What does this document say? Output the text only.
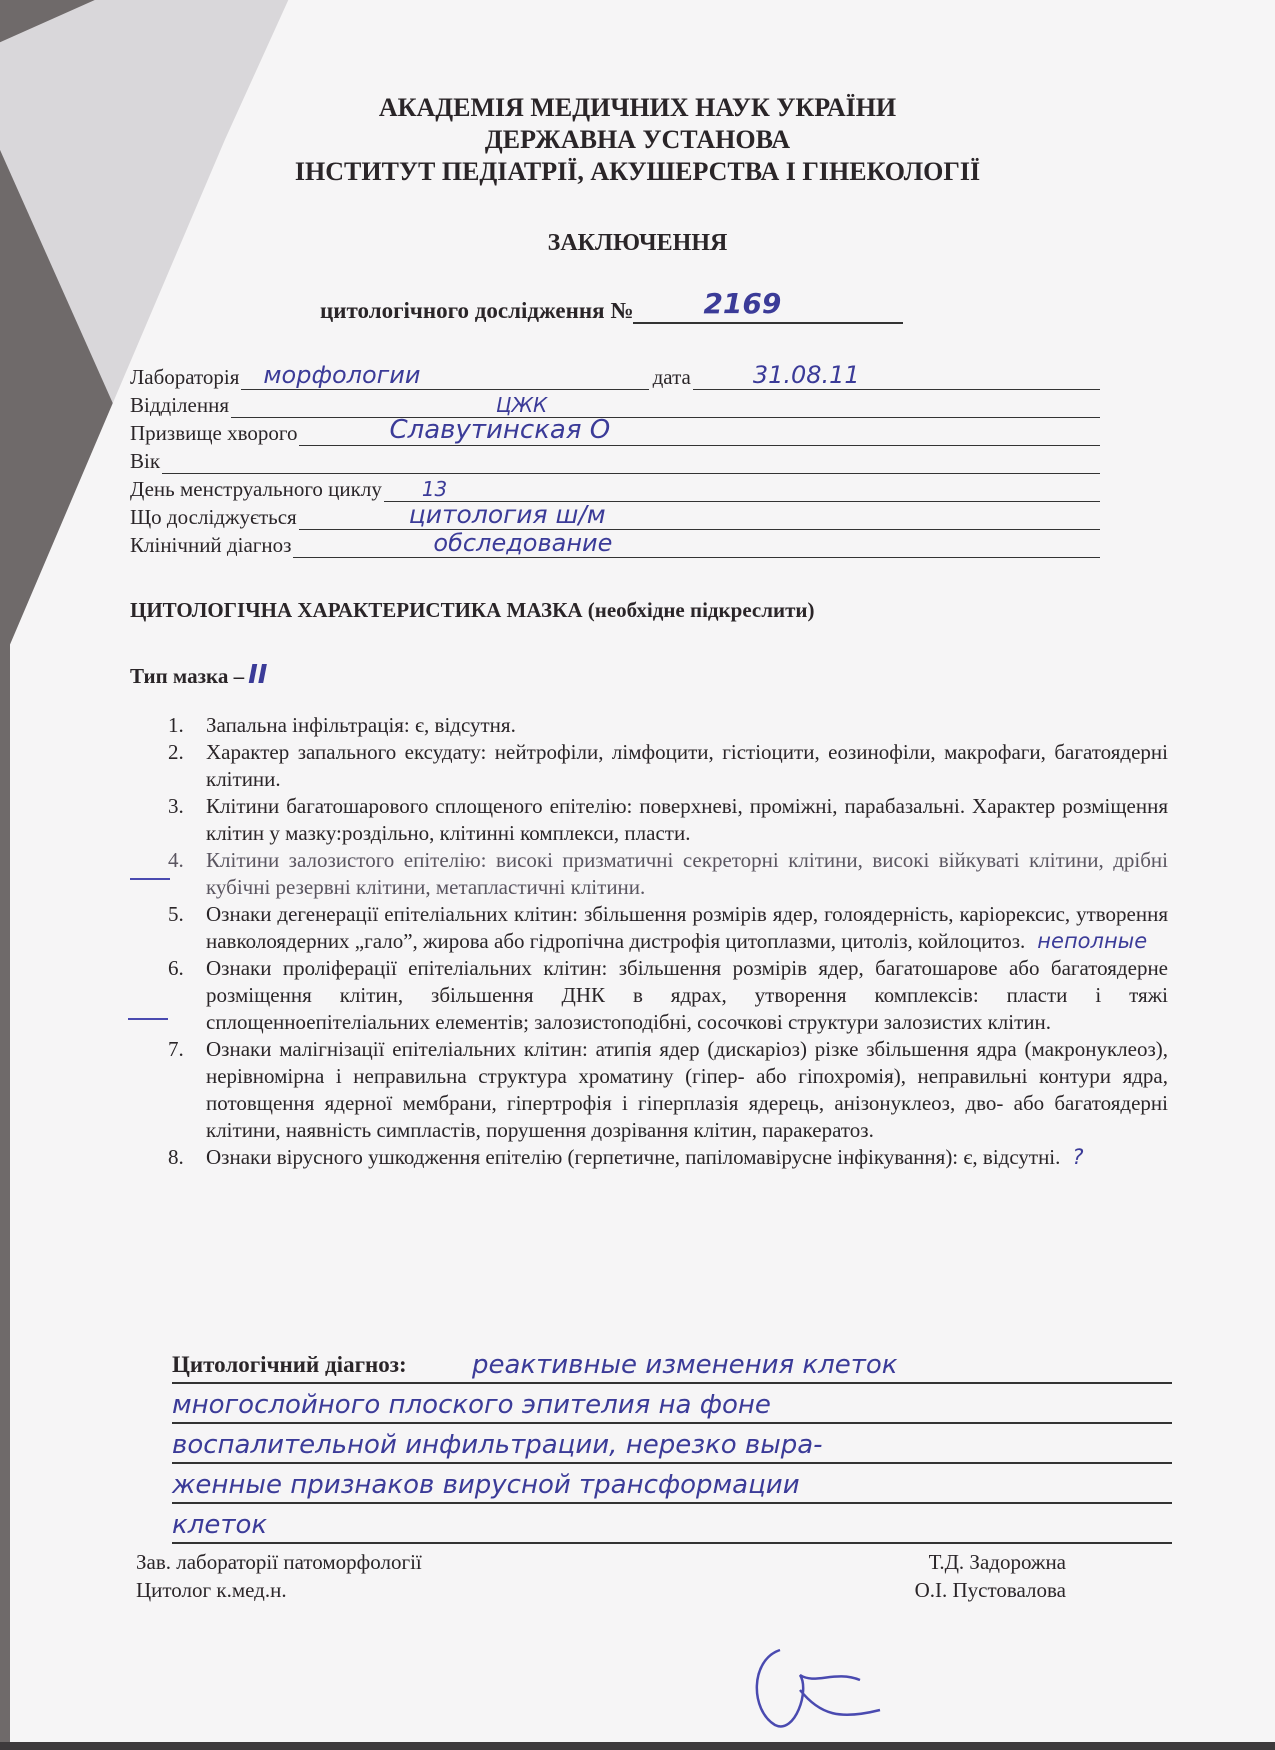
АКАДЕМІЯ МЕДИЧНИХ НАУК УКРАЇНИ
ДЕРЖАВНА УСТАНОВА
ІНСТИТУТ ПЕДІАТРІЇ, АКУШЕРСТВА І ГІНЕКОЛОГІЇ
ЗАКЛЮЧЕННЯ
цитологічного дослідження №	2169
Лабораторія морфологии	дата	31.08.11
Відділення	ЦЖК
Призвище хворого	Славутинская О
Вік
День менструального циклу 13
Що досліджується	цитология ш/м
Клінічний діагноз	обследование
ЦИТОЛОГІЧНА ХАРАКТЕРИСТИКА МАЗКА (необхідне підкреслити)
Тип мазка – II
1. Запальна інфільтрація: є, відсутня.
2. Характер запального ексудату: нейтрофіли, лімфоцити, гістіоцити, еозинофіли, макрофаги, багатоядерні клітини.
3. Клітини багатошарового сплощеного епітелію: поверхневі, проміжні, парабазальні. Характер розміщення клітин у мазку:роздільно, клітинні комплекси, пласти.
4. Клітини залозистого епітелію: високі призматичні секреторні клітини, високі війкуваті клітини, дрібні кубічні резервні клітини, метапластичні клітини.
5. Ознаки дегенерації епітеліальних клітин: збільшення розмірів ядер, голоядерність, каріорексис, утворення навколоядерних „гало”, жирова або гідропічна дистрофія цитоплазми, цитоліз, койлоцитоз. неполные
6. Ознаки проліферації епітеліальних клітин: збільшення розмірів ядер, багатошарове або багатоядерне розміщення клітин, збільшення ДНК в ядрах, утворення комплексів: пласти і тяжі сплощенноепітеліальних елементів; залозистоподібні, сосочкові структури залозистих клітин.
7. Ознаки малігнізації епітеліальних клітин: атипія ядер (дискаріоз) різке збільшення ядра (макронуклеоз), нерівномірна і неправильна структура хроматину (гіпер- або гіпохромія), неправильні контури ядра, потовщення ядерної мембрани, гіпертрофія і гіперплазія ядерець, анізонуклеоз, дво- або багатоядерні клітини, наявність симпластів, порушення дозрівання клітин, паракератоз.
8. Ознаки вірусного ушкодження епітелію (герпетичне, папіломавірусне інфікування): є, відсутні. ?
Цитологічний діагноз:	реактивные изменения клеток
многослойного плоского эпителия на фоне
воспалительной инфильтрации, нерезко выра-
женные признаков вирусной трансформации
клеток
Зав. лабораторії патоморфології	Т.Д. Задорожна
Цитолог к.мед.н.	О.І. Пустовалова
